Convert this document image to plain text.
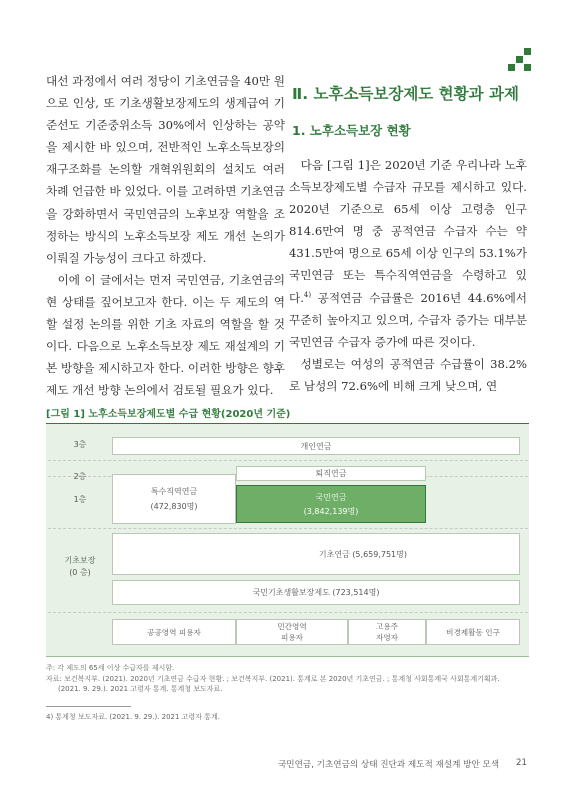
대선 과정에서 여러 정당이 기초연금을 40만 원으로 인상, 또 기초생활보장제도의 생계급여 기준선도 기준중위소득 30%에서 인상하는 공약을 제시한 바 있으며, 전반적인 노후소득보장의 재구조화를 논의할 개혁위원회의 설치도 여러 차례 언급한 바 있었다. 이를 고려하면 기초연금을 강화하면서 국민연금의 노후보장 역할을 조정하는 방식의 노후소득보장 제도 개선 논의가 이뤄질 가능성이 크다고 하겠다.

이에 이 글에서는 먼저 국민연금, 기초연금의 현 상태를 짚어보고자 한다. 이는 두 제도의 역할 설정 논의를 위한 기초 자료의 역할을 할 것이다. 다음으로 노후소득보장 제도 재설계의 기본 방향을 제시하고자 한다. 이러한 방향은 향후 제도 개선 방향 논의에서 검토될 필요가 있다.

Ⅱ. 노후소득보장제도 현황과 과제
1. 노후소득보장 현황

다음 [그림 1]은 2020년 기준 우리나라 노후소득보장제도별 수급자 규모를 제시하고 있다. 2020년 기준으로 65세 이상 고령층 인구 814.6만여 명 중 공적연금 수급자 수는 약 431.5만여 명으로 65세 이상 인구의 53.1%가 국민연금 또는 특수직역연금을 수령하고 있다.$^{4)}$ 공적연금 수급률은 2016년 44.6%에서 꾸준히 높아지고 있으며, 수급자 증가는 대부분 국민연금 수급자 증가에 따른 것이다.

성별로는 여성의 공적연금 수급률이 38.2%로 남성의 72.6%에 비해 크게 낮으며, 연

[그림 1] 노후소득보장제도별 수급 현황(2020년 기준)
3층
2층
1층
기초보장
(0 층)
개인연금
퇴직연금
특수직역연금
(472,830명)
국민연금
(3,842,139명)
기초연금 (5,659,751명)
국민기초생활보장제도 (723,514명)
공공영역 피용자
민간영역
피용자
고용주
자영자
비경제활동 인구
주: 각 제도의 65세 이상 수급자를 제시함.
자료: 보건복지부. (2021). 2020년 기초연금 수급자 현황. ; 보건복지부. (2021). 통계로 본 2020년 기초연금. ; 통계청 사회통계국 사회통계기획과.
(2021. 9. 29.). 2021 고령자 통계. 통계청 보도자료.
4) 통계청 보도자료. (2021. 9. 29.). 2021 고령자 통계.
국민연금, 기초연금의 상태 진단과 제도적 재설계 방안 모색 21
